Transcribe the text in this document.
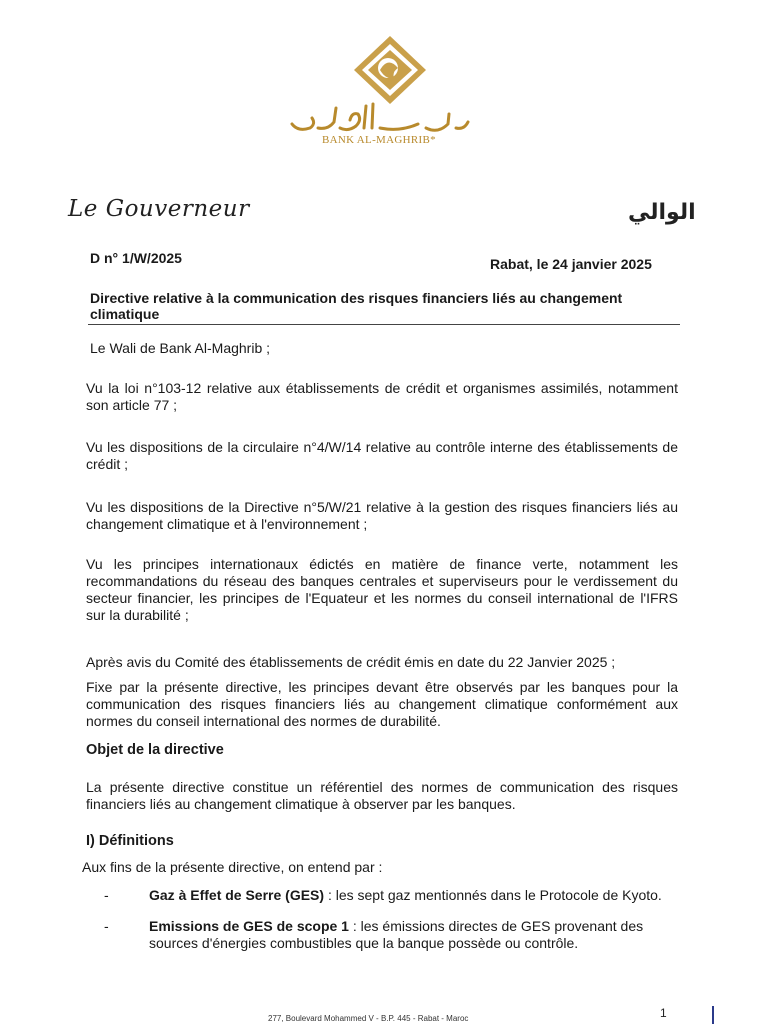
BANK AL-MAGHRIB*
Le Gouverneur	الوالي
D n° 1/W/2025	Rabat, le 24 janvier 2025
Directive relative à la communication des risques financiers liés au changement climatique

Le Wali de Bank Al-Maghrib ;

Vu la loi n°103-12 relative aux établissements de crédit et organismes assimilés, notamment son article 77 ;

Vu les dispositions de la circulaire n°4/W/14 relative au contrôle interne des établissements de crédit ;

Vu les dispositions de la Directive n°5/W/21 relative à la gestion des risques financiers liés au changement climatique et à l'environnement ;

Vu les principes internationaux édictés en matière de finance verte, notamment les recommandations du réseau des banques centrales et superviseurs pour le verdissement du secteur financier, les principes de l'Equateur et les normes du conseil international de l'IFRS sur la durabilité ;

Après avis du Comité des établissements de crédit émis en date du 22 Janvier 2025 ;

Fixe par la présente directive, les principes devant être observés par les banques pour la communication des risques financiers liés au changement climatique conformément aux normes du conseil international des normes de durabilité.

Objet de la directive

La présente directive constitue un référentiel des normes de communication des risques financiers liés au changement climatique à observer par les banques.

I) Définitions

Aux fins de la présente directive, on entend par :

-	Gaz à Effet de Serre (GES) : les sept gaz mentionnés dans le Protocole de Kyoto.
-	Emissions de GES de scope 1 : les émissions directes de GES provenant des sources d'énergies combustibles que la banque possède ou contrôle.
277, Boulevard Mohammed V - B.P. 445 - Rabat - Maroc	1
